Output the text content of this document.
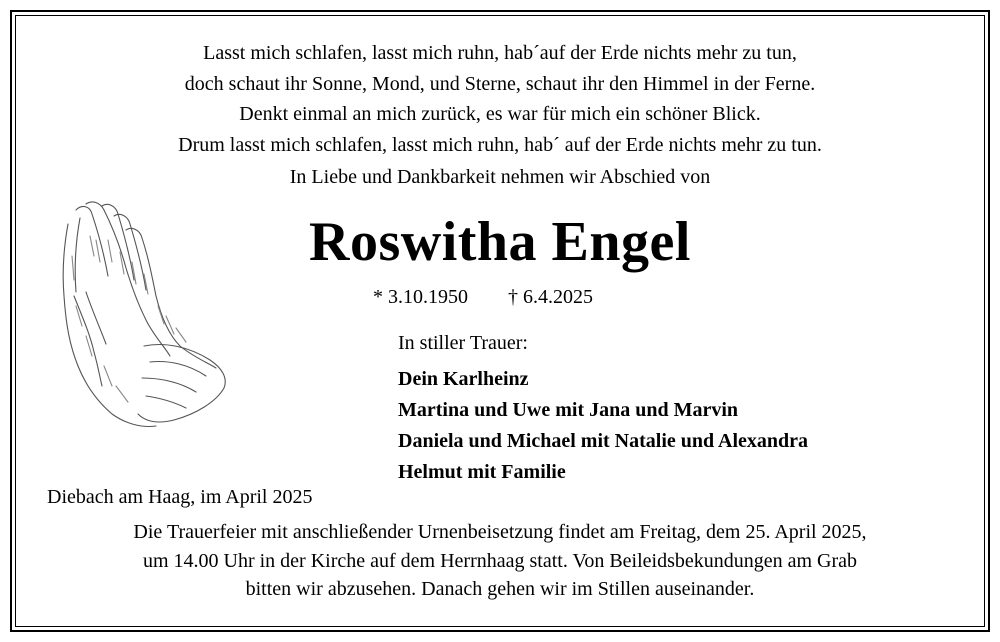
Lasst mich schlafen, lasst mich ruhn, hab´auf der Erde nichts mehr zu tun,
doch schaut ihr Sonne, Mond, und Sterne, schaut ihr den Himmel in der Ferne.
Denkt einmal an mich zurück, es war für mich ein schöner Blick.
Drum lasst mich schlafen, lasst mich ruhn, hab´ auf der Erde nichts mehr zu tun.
In Liebe und Dankbarkeit nehmen wir Abschied von
Roswitha Engel
* 3.10.1950 † 6.4.2025
In stiller Trauer:
Dein Karlheinz
Martina und Uwe mit Jana und Marvin
Daniela und Michael mit Natalie und Alexandra
Helmut mit Familie
Diebach am Haag, im April 2025
Die Trauerfeier mit anschließender Urnenbeisetzung findet am Freitag, dem 25. April 2025,
um 14.00 Uhr in der Kirche auf dem Herrnhaag statt. Von Beileidsbekundungen am Grab
bitten wir abzusehen. Danach gehen wir im Stillen auseinander.
